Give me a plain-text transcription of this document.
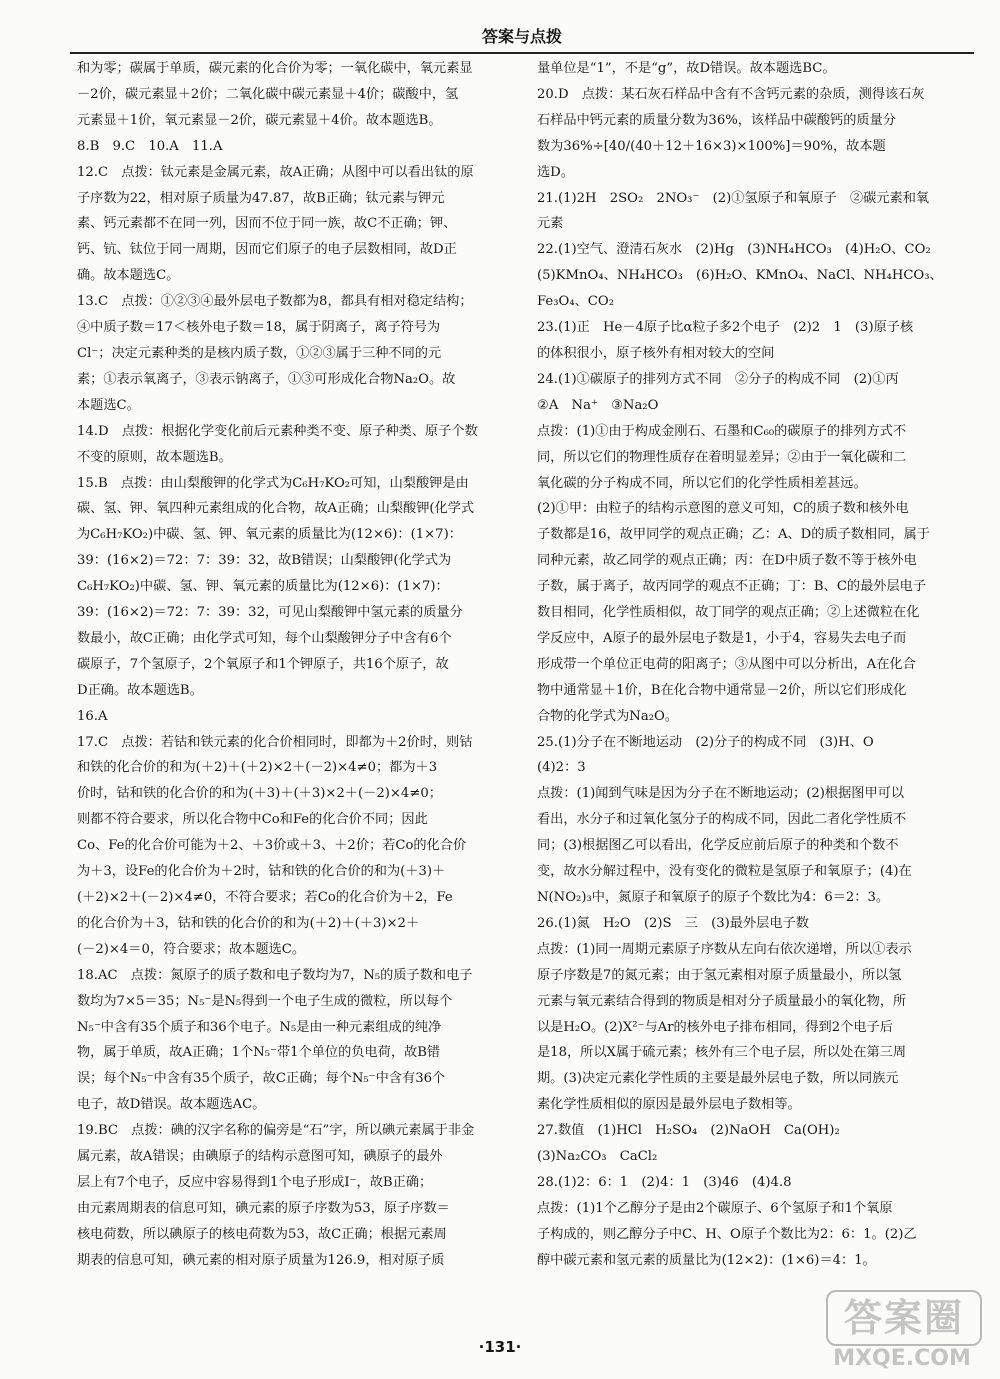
答案与点拨

和为零；碳属于单质，碳元素的化合价为零；一氧化碳中，氧元素显

－2价，碳元素显＋2价；二氧化碳中碳元素显＋4价；碳酸中，氢

元素显＋1价，氧元素显－2价，碳元素显＋4价。故本题选B。

8.B　9.C　10.A　11.A

12.C　点拨：钛元素是金属元素，故A正确；从图中可以看出钛的原

子序数为22，相对原子质量为47.87，故B正确；钛元素与钾元

素、钙元素都不在同一列，因而不位于同一族，故C不正确；钾、

钙、钪、钛位于同一周期，因而它们原子的电子层数相同，故D正

确。故本题选C。

13.C　点拨：①②③④最外层电子数都为8，都具有相对稳定结构；

④中质子数＝17＜核外电子数＝18，属于阴离子，离子符号为

Cl⁻；决定元素种类的是核内质子数，①②③属于三种不同的元

素；①表示氧离子，③表示钠离子，①③可形成化合物Na₂O。故

本题选C。

14.D　点拨：根据化学变化前后元素种类不变、原子种类、原子个数

不变的原则，故本题选B。

15.B　点拨：由山梨酸钾的化学式为C₆H₇KO₂可知，山梨酸钾是由

碳、氢、钾、氧四种元素组成的化合物，故A正确；山梨酸钾(化学式

为C₆H₇KO₂)中碳、氢、钾、氧元素的质量比为(12×6)：(1×7)：

39：(16×2)＝72：7：39：32，故B错误；山梨酸钾(化学式为

C₆H₇KO₂)中碳、氢、钾、氧元素的质量比为(12×6)：(1×7)：

39：(16×2)＝72：7：39：32，可见山梨酸钾中氢元素的质量分

数最小，故C正确；由化学式可知，每个山梨酸钾分子中含有6个

碳原子，7个氢原子，2个氧原子和1个钾原子，共16个原子，故

D正确。故本题选B。

16.A

17.C　点拨：若钴和铁元素的化合价相同时，即都为＋2价时，则钴

和铁的化合价的和为(＋2)＋(＋2)×2＋(－2)×4≠0；都为＋3

价时，钴和铁的化合价的和为(＋3)＋(＋3)×2＋(－2)×4≠0；

则都不符合要求，所以化合物中Co和Fe的化合价不同；因此

Co、Fe的化合价可能为＋2、＋3价或＋3、＋2价；若Co的化合价

为＋3，设Fe的化合价为＋2时，钴和铁的化合价的和为(＋3)＋

(＋2)×2＋(－2)×4≠0，不符合要求；若Co的化合价为＋2，Fe

的化合价为＋3，钴和铁的化合价的和为(＋2)＋(＋3)×2＋

(－2)×4＝0，符合要求；故本题选C。

18.AC　点拨：氮原子的质子数和电子数均为7，N₅的质子数和电子

数均为7×5＝35；N₅⁻是N₅得到一个电子生成的微粒，所以每个

N₅⁻中含有35个质子和36个电子。N₅是由一种元素组成的纯净

物，属于单质，故A正确；1个N₅⁻带1个单位的负电荷，故B错

误；每个N₅⁻中含有35个质子，故C正确；每个N₅⁻中含有36个

电子，故D错误。故本题选AC。

19.BC　点拨：碘的汉字名称的偏旁是“石”字，所以碘元素属于非金

属元素，故A错误；由碘原子的结构示意图可知，碘原子的最外

层上有7个电子，反应中容易得到1个电子形成I⁻，故B正确；

由元素周期表的信息可知，碘元素的原子序数为53，原子序数＝

核电荷数，所以碘原子的核电荷数为53，故C正确；根据元素周

期表的信息可知，碘元素的相对原子质量为126.9，相对原子质

量单位是“1”，不是“g”，故D错误。故本题选BC。

20.D　点拨：某石灰石样品中含有不含钙元素的杂质，测得该石灰

石样品中钙元素的质量分数为36%，该样品中碳酸钙的质量分

数为36%÷[40/(40＋12＋16×3)×100%]＝90%，故本题

选D。

21.(1)2H　2SO₂　2NO₃⁻　(2)①氢原子和氧原子　②碳元素和氧

元素

22.(1)空气、澄清石灰水　(2)Hg　(3)NH₄HCO₃　(4)H₂O、CO₂

(5)KMnO₄、NH₄HCO₃　(6)H₂O、KMnO₄、NaCl、NH₄HCO₃、

Fe₃O₄、CO₂

23.(1)正　He－4原子比α粒子多2个电子　(2)2　1　(3)原子核

的体积很小，原子核外有相对较大的空间

24.(1)①碳原子的排列方式不同　②分子的构成不同　(2)①丙

②A　Na⁺　③Na₂O

点拨：(1)①由于构成金刚石、石墨和C₆₀的碳原子的排列方式不

同，所以它们的物理性质存在着明显差异；②由于一氧化碳和二

氧化碳的分子构成不同，所以它们的化学性质相差甚远。

(2)①甲：由粒子的结构示意图的意义可知，C的质子数和核外电

子数都是16，故甲同学的观点正确；乙：A、D的质子数相同，属于

同种元素，故乙同学的观点正确；丙：在D中质子数不等于核外电

子数，属于离子，故丙同学的观点不正确；丁：B、C的最外层电子

数目相同，化学性质相似，故丁同学的观点正确；②上述微粒在化

学反应中，A原子的最外层电子数是1，小于4，容易失去电子而

形成带一个单位正电荷的阳离子；③从图中可以分析出，A在化合

物中通常显＋1价，B在化合物中通常显－2价，所以它们形成化

合物的化学式为Na₂O。

25.(1)分子在不断地运动　(2)分子的构成不同　(3)H、O

(4)2：3

点拨：(1)闻到气味是因为分子在不断地运动；(2)根据图甲可以

看出，水分子和过氧化氢分子的构成不同，因此二者化学性质不

同；(3)根据图乙可以看出，化学反应前后原子的种类和个数不

变，故水分解过程中，没有变化的微粒是氢原子和氧原子；(4)在

N(NO₂)₃中，氮原子和氧原子的原子个数比为4：6＝2：3。

26.(1)氮　H₂O　(2)S　三　(3)最外层电子数

点拨：(1)同一周期元素原子序数从左向右依次递增，所以①表示

原子序数是7的氮元素；由于氢元素相对原子质量最小，所以氢

元素与氧元素结合得到的物质是相对分子质量最小的氧化物，所

以是H₂O。(2)X²⁻与Ar的核外电子排布相同，得到2个电子后

是18，所以X属于硫元素；核外有三个电子层，所以处在第三周

期。(3)决定元素化学性质的主要是最外层电子数，所以同族元

素化学性质相似的原因是最外层电子数相等。

27.数值　(1)HCl　H₂SO₄　(2)NaOH　Ca(OH)₂

(3)Na₂CO₃　CaCl₂

28.(1)2：6：1　(2)4：1　(3)46　(4)4.8

点拨：(1)1个乙醇分子是由2个碳原子、6个氢原子和1个氧原

子构成的，则乙醇分子中C、H、O原子个数比为2：6：1。(2)乙

醇中碳元素和氢元素的质量比为(12×2)：(1×6)＝4：1。

·131·
答案圈
MXQE.COM
